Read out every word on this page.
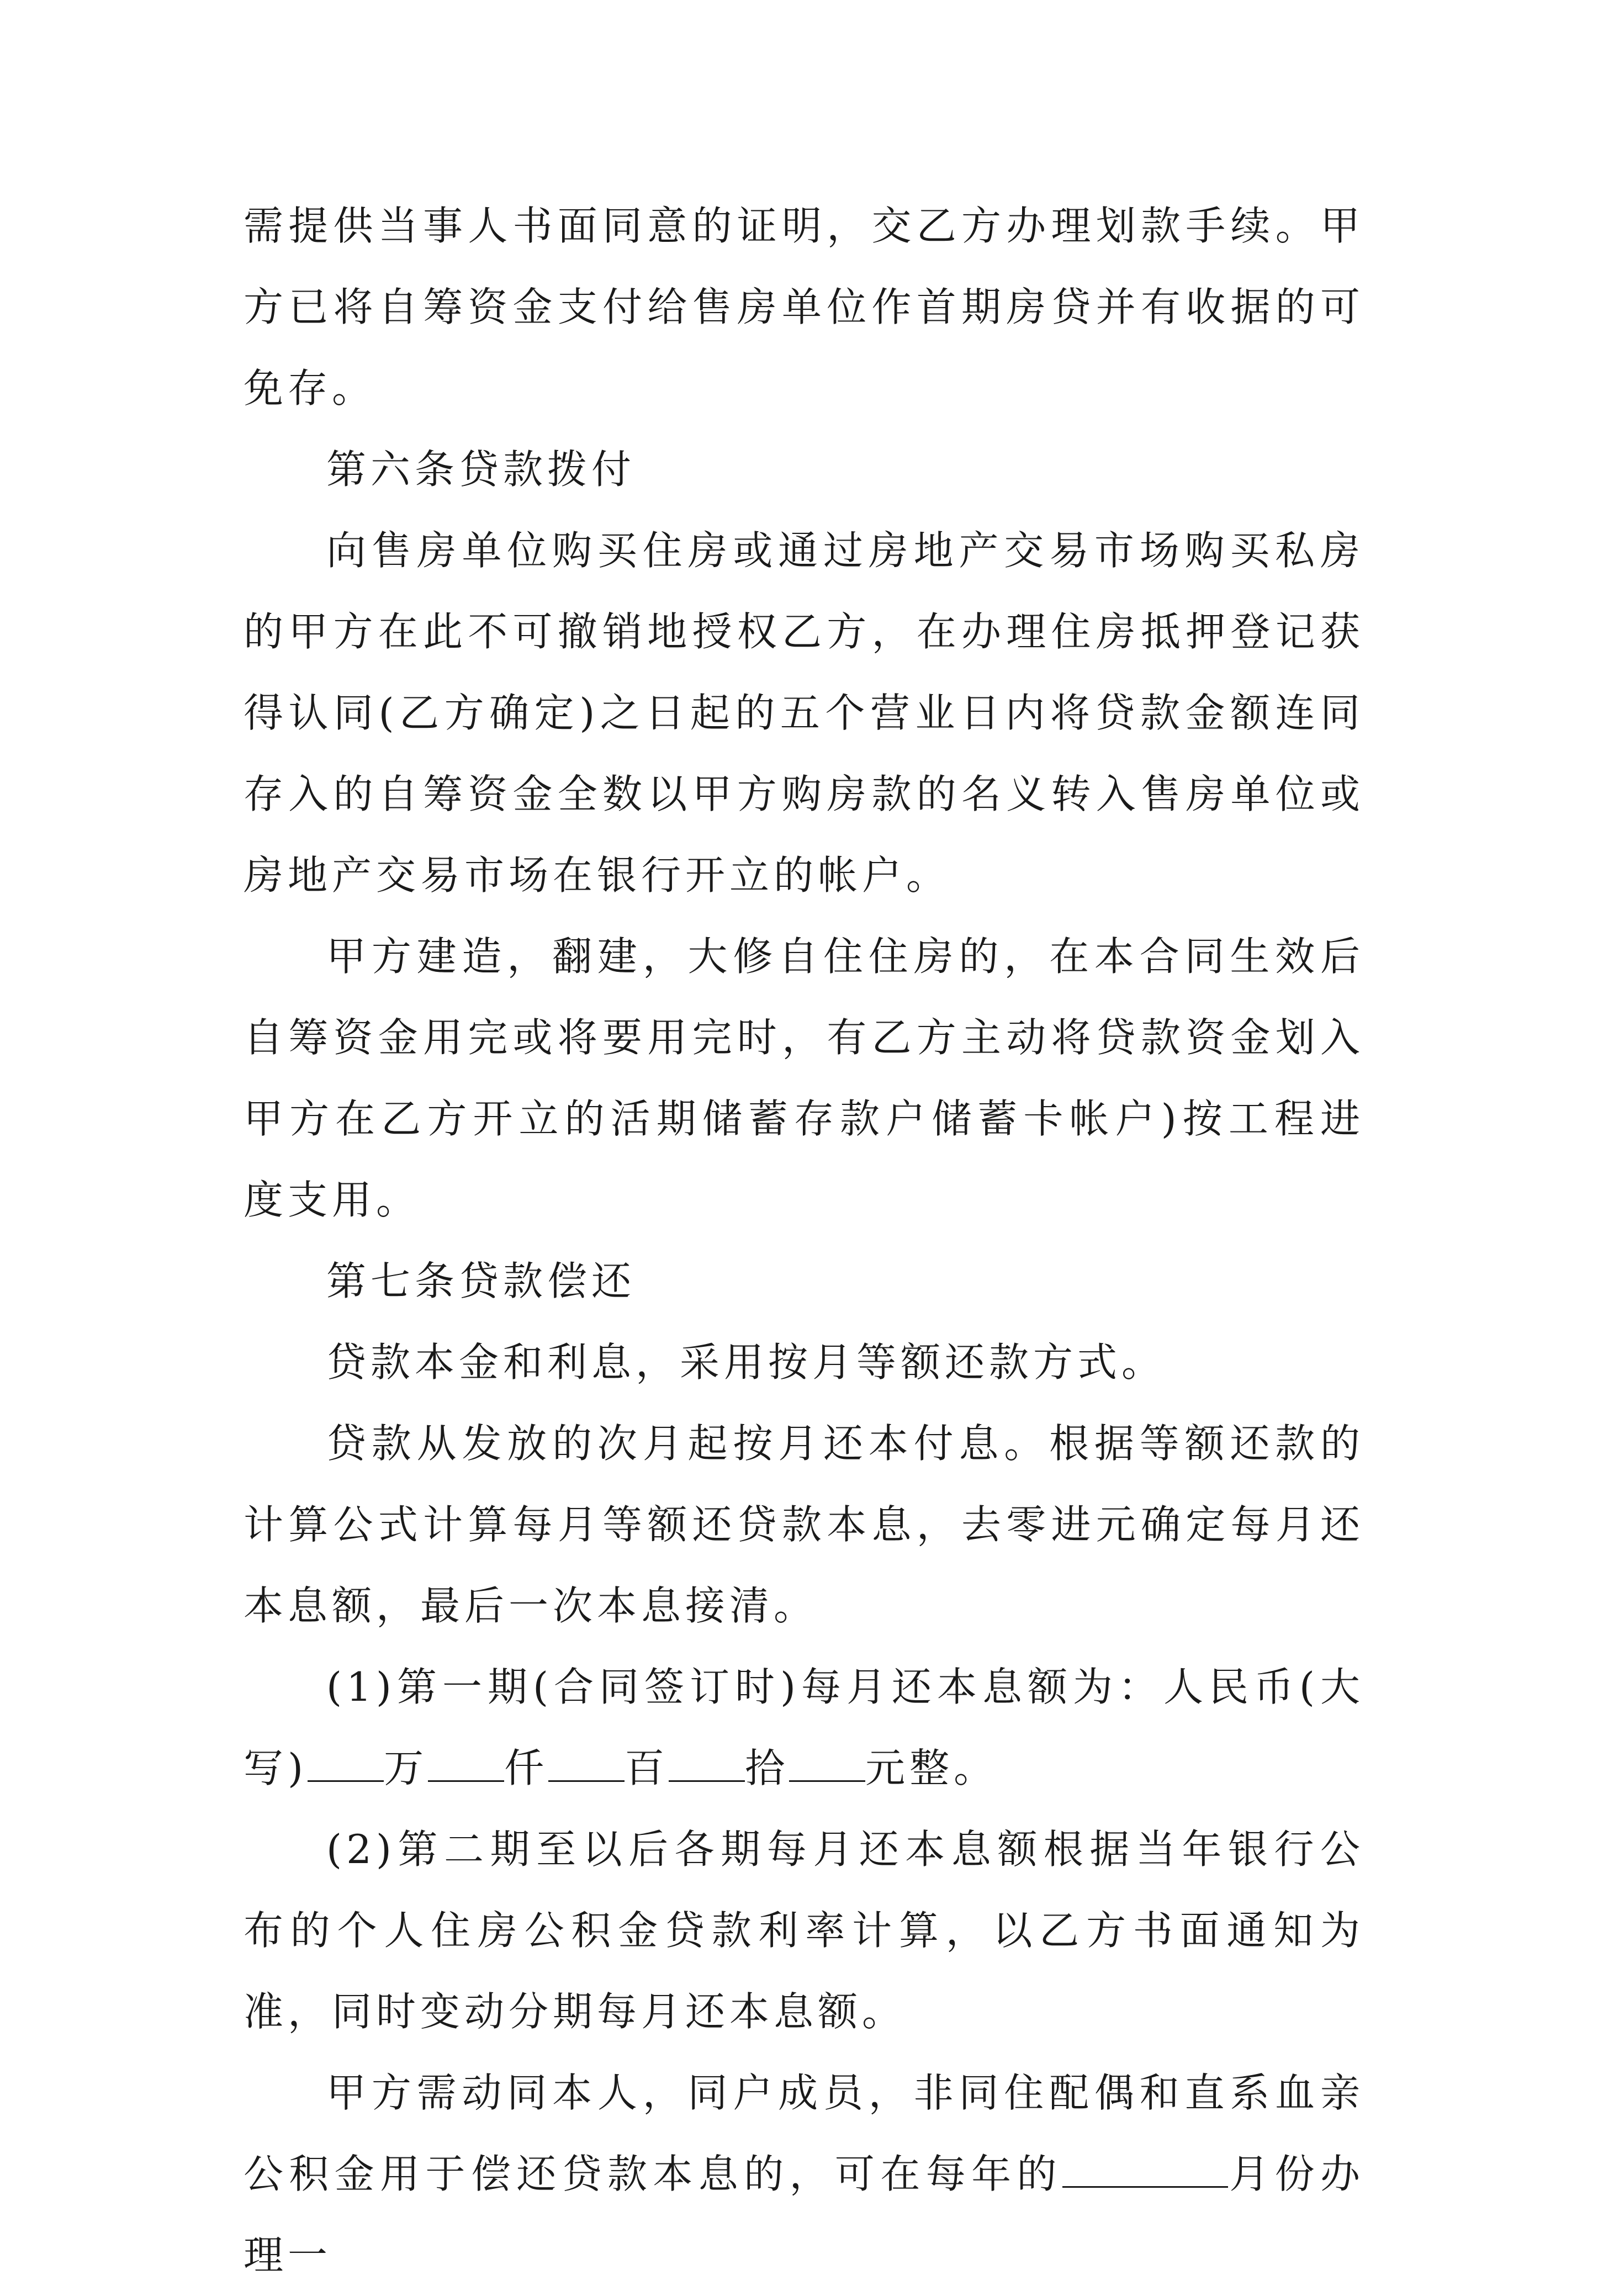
需提供当事人书面同意的证明，交乙方办理划款手续。甲方已将自筹资金支付给售房单位作首期房贷并有收据的可免存。

第六条贷款拨付

向售房单位购买住房或通过房地产交易市场购买私房的甲方在此不可撤销地授权乙方，在办理住房抵押登记获得认同(乙方确定)之日起的五个营业日内将贷款金额连同存入的自筹资金全数以甲方购房款的名义转入售房单位或房地产交易市场在银行开立的帐户。

甲方建造，翻建，大修自住住房的，在本合同生效后自筹资金用完或将要用完时，有乙方主动将贷款资金划入甲方在乙方开立的活期储蓄存款户储蓄卡帐户)按工程进度支用。

第七条贷款偿还

贷款本金和利息，采用按月等额还款方式。

贷款从发放的次月起按月还本付息。根据等额还款的计算公式计算每月等额还贷款本息，去零进元确定每月还本息额，最后一次本息接清。

(1)第一期(合同签订时)每月还本息额为：人民币(大写) 万 仟 百 拾 元整。

(2)第二期至以后各期每月还本息额根据当年银行公布的个人住房公积金贷款利率计算，以乙方书面通知为准，同时变动分期每月还本息额。

甲方需动同本人，同户成员，非同住配偶和直系血亲公积金用于偿还贷款本息的，可在每年的	月份办理一
